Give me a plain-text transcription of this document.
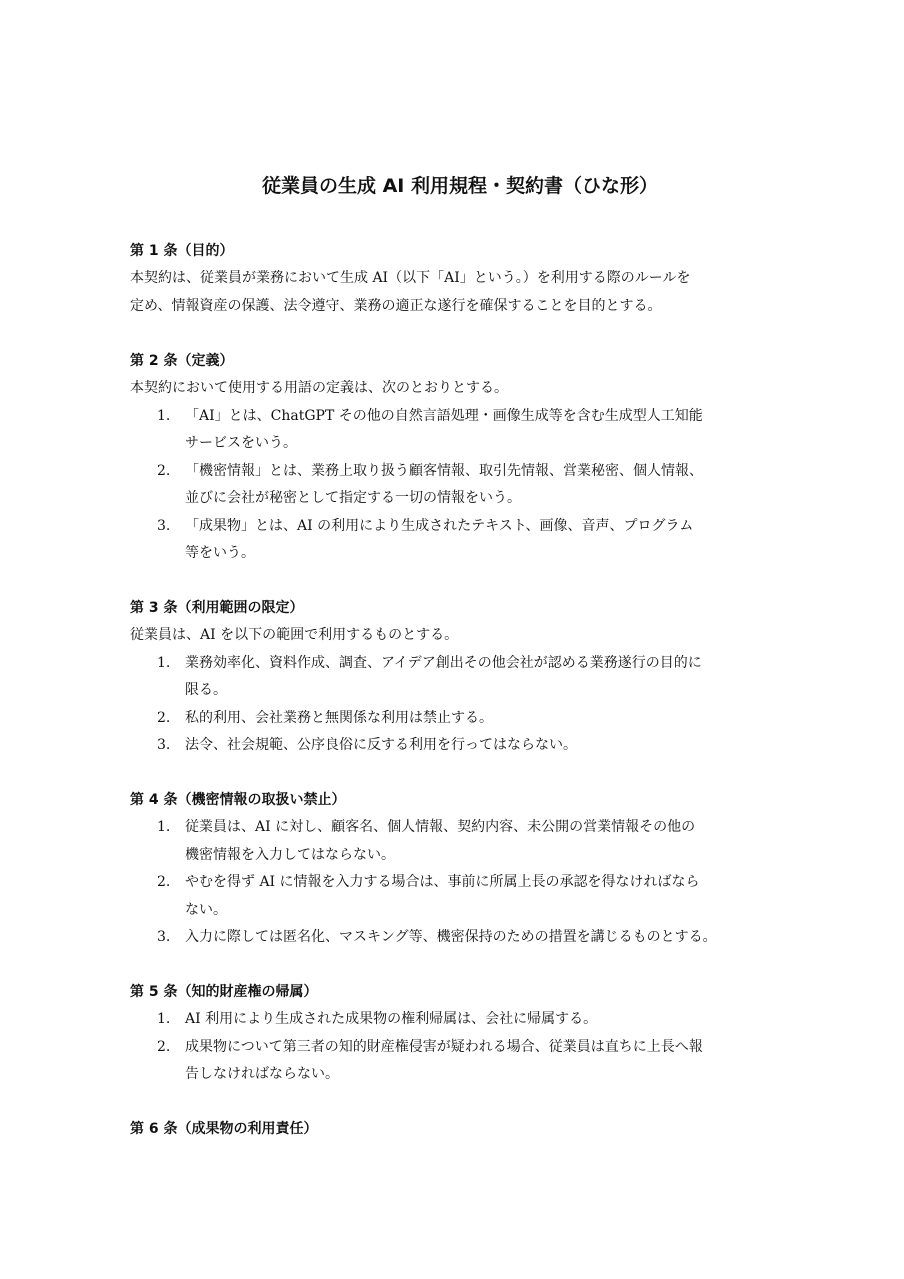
従業員の生成 AI 利用規程・契約書（ひな形）
第 1 条（目的）

本契約は、従業員が業務において生成 AI（以下「AI」という。）を利用する際のルールを
定め、情報資産の保護、法令遵守、業務の適正な遂行を確保することを目的とする。

第 2 条（定義）

本契約において使用する用語の定義は、次のとおりとする。

1.	「AI」とは、ChatGPT その他の自然言語処理・画像生成等を含む生成型人工知能
サービスをいう。
2.	「機密情報」とは、業務上取り扱う顧客情報、取引先情報、営業秘密、個人情報、
並びに会社が秘密として指定する一切の情報をいう。
3.	「成果物」とは、AI の利用により生成されたテキスト、画像、音声、プログラム
等をいう。
第 3 条（利用範囲の限定）

従業員は、AI を以下の範囲で利用するものとする。

1.	業務効率化、資料作成、調査、アイデア創出その他会社が認める業務遂行の目的に
限る。
2.	私的利用、会社業務と無関係な利用は禁止する。
3.	法令、社会規範、公序良俗に反する利用を行ってはならない。
第 4 条（機密情報の取扱い禁止）
1.	従業員は、AI に対し、顧客名、個人情報、契約内容、未公開の営業情報その他の
機密情報を入力してはならない。
2.	やむを得ず AI に情報を入力する場合は、事前に所属上長の承認を得なければなら
ない。
3.	入力に際しては匿名化、マスキング等、機密保持のための措置を講じるものとする。
第 5 条（知的財産権の帰属）
1.	AI 利用により生成された成果物の権利帰属は、会社に帰属する。
2.	成果物について第三者の知的財産権侵害が疑われる場合、従業員は直ちに上長へ報
告しなければならない。
第 6 条（成果物の利用責任）
